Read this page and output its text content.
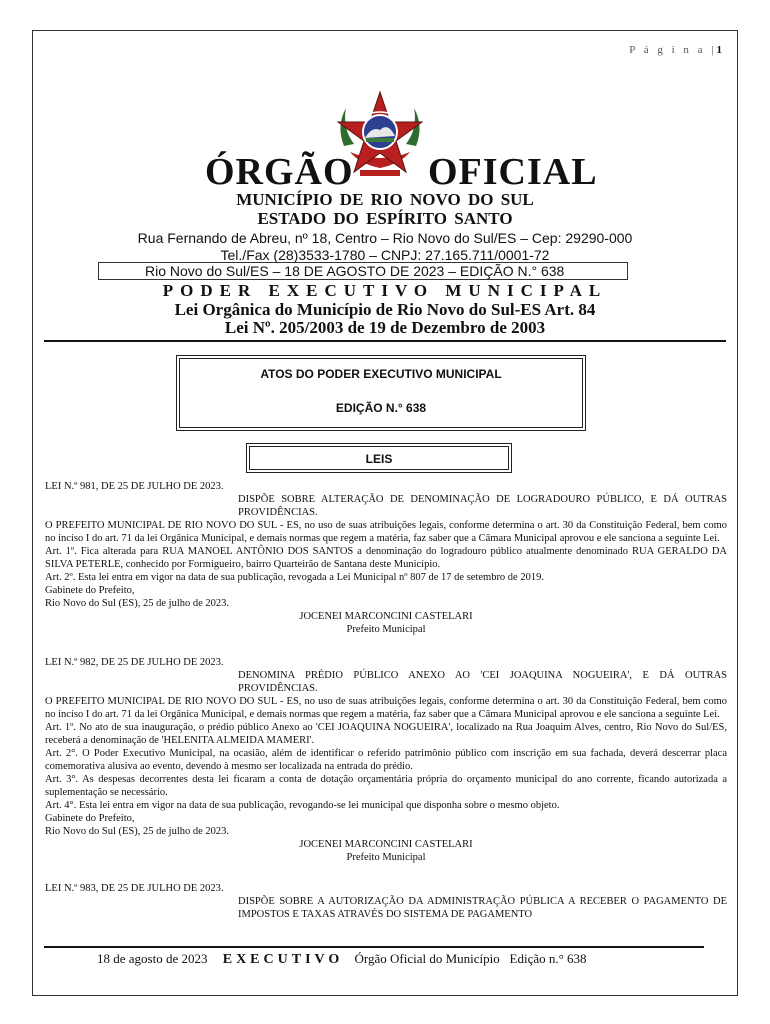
P á g i n a |1
ÓRGÃO OFICIAL
MUNICÍPIO DE RIO NOVO DO SUL
ESTADO DO ESPÍRITO SANTO
Rua Fernando de Abreu, nº 18, Centro – Rio Novo do Sul/ES – Cep: 29290-000
Tel./Fax (28)3533-1780 – CNPJ: 27.165.711/0001-72
Rio Novo do Sul/ES – 18 DE AGOSTO DE 2023 – EDIÇÃO N.° 638
PODER EXECUTIVO MUNICIPAL
Lei Orgânica do Município de Rio Novo do Sul-ES Art. 84
Lei Nº. 205/2003 de 19 de Dezembro de 2003
ATOS DO PODER EXECUTIVO MUNICIPAL
EDIÇÃO N.° 638
LEIS

LEI N.º 981, DE 25 DE JULHO DE 2023.

DISPÕE SOBRE ALTERAÇÃO DE DENOMINAÇÃO DE LOGRADOURO PÚBLICO, E DÁ OUTRAS PROVIDÊNCIAS.

O PREFEITO MUNICIPAL DE RIO NOVO DO SUL - ES, no uso de suas atribuições legais, conforme determina o art. 30 da Constituição Federal, bem como no inciso I do art. 71 da lei Orgânica Municipal, e demais normas que regem a matéria, faz saber que a Câmara Municipal aprovou e ele sanciona a seguinte Lei.

Art. 1º. Fica alterada para RUA MANOEL ANTÔNIO DOS SANTOS a denominação do logradouro público atualmente denominado RUA GERALDO DA SILVA PETERLE, conhecido por Formigueiro, bairro Quarteirão de Santana deste Município.

Art. 2º. Esta lei entra em vigor na data de sua publicação, revogada a Lei Municipal nº 807 de 17 de setembro de 2019.

Gabinete do Prefeito,

Rio Novo do Sul (ES), 25 de julho de 2023.

JOCENEI MARCONCINI CASTELARI

Prefeito Municipal

LEI N.º 982, DE 25 DE JULHO DE 2023.

DENOMINA PRÉDIO PÚBLICO ANEXO AO 'CEI JOAQUINA NOGUEIRA', E DÁ OUTRAS PROVIDÊNCIAS.

O PREFEITO MUNICIPAL DE RIO NOVO DO SUL - ES, no uso de suas atribuições legais, conforme determina o art. 30 da Constituição Federal, bem como no inciso I do art. 71 da lei Orgânica Municipal, e demais normas que regem a matéria, faz saber que a Câmara Municipal aprovou e ele sanciona a seguinte Lei.

Art. 1º. No ato de sua inauguração, o prédio público Anexo ao 'CEI JOAQUINA NOGUEIRA', localizado na Rua Joaquim Alves, centro, Rio Novo do Sul/ES, receberá a denominação de 'HELENITA ALMEIDA MAMERI'.

Art. 2°. O Poder Executivo Municipal, na ocasião, além de identificar o referido patrimônio público com inscrição em sua fachada, deverá descerrar placa comemorativa alusiva ao evento, devendo à mesmo ser localizada na entrada do prédio.

Art. 3°. As despesas decorrentes desta lei ficaram a conta de dotação orçamentária própria do orçamento municipal do ano corrente, ficando autorizada a suplementação se necessário.

Art. 4°. Esta lei entra em vigor na data de sua publicação, revogando-se lei municipal que disponha sobre o mesmo objeto.

Gabinete do Prefeito,

Rio Novo do Sul (ES), 25 de julho de 2023.

JOCENEI MARCONCINI CASTELARI

Prefeito Municipal

LEI N.º 983, DE 25 DE JULHO DE 2023.

DISPÕE SOBRE A AUTORIZAÇÃO DA ADMINISTRAÇÃO PÚBLICA A RECEBER O PAGAMENTO DE IMPOSTOS E TAXAS ATRAVÉS DO SISTEMA DE PAGAMENTO

18 de agosto de 2023 EXECUTIVO Órgão Oficial do Município Edição n.° 638
